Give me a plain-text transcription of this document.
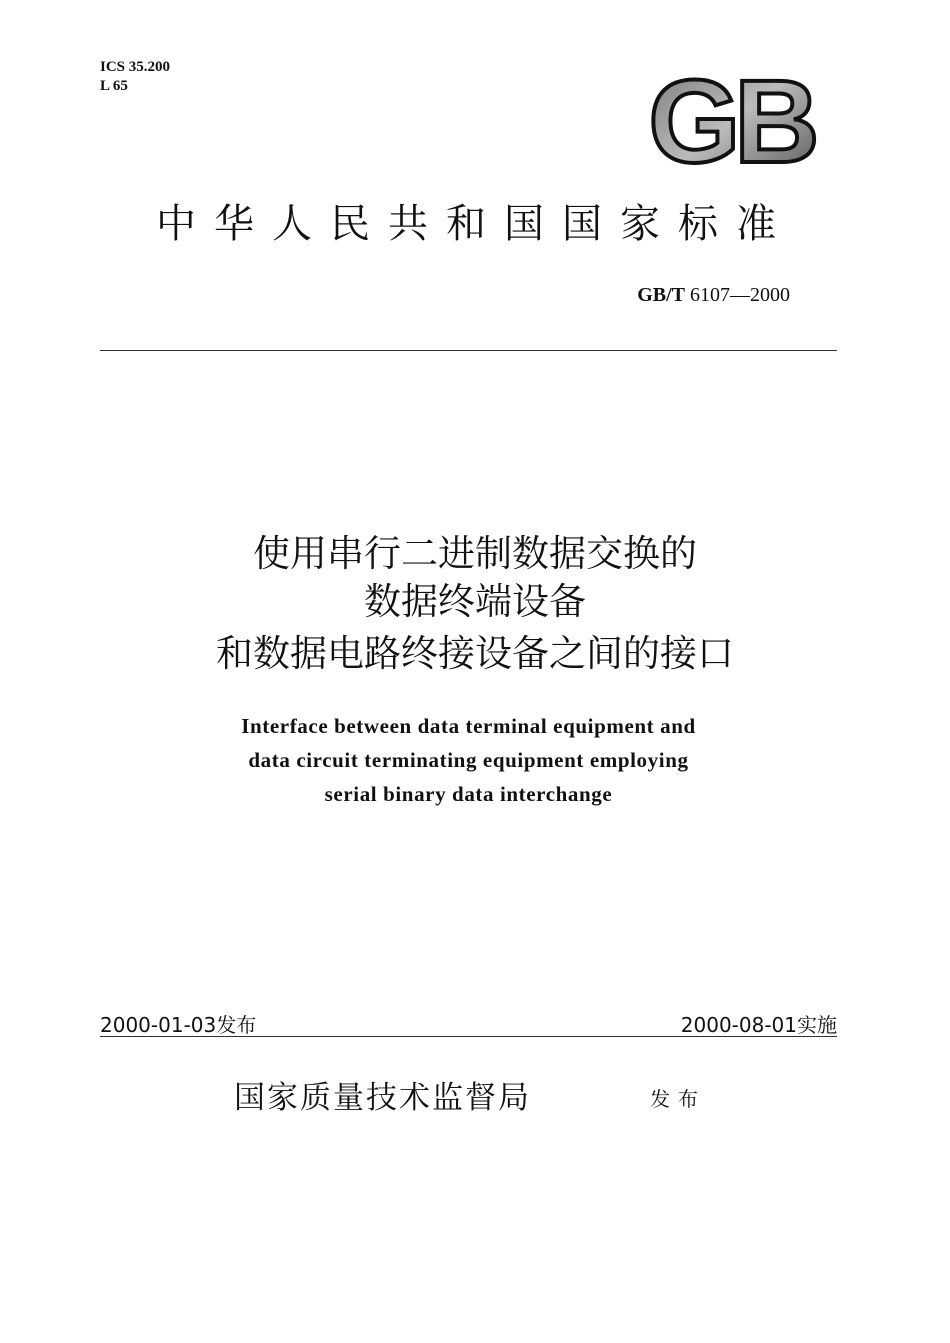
ICS 35.200
L 65	GB
中华人民共和国国家标准
GB/T 6107—2000
使用串行二进制数据交换的
数据终端设备
和数据电路终接设备之间的接口
Interface between data terminal equipment and
data circuit terminating equipment employing
serial binary data interchange
2000-01-03发布	2000-08-01实施
国家质量技术监督局	发布
